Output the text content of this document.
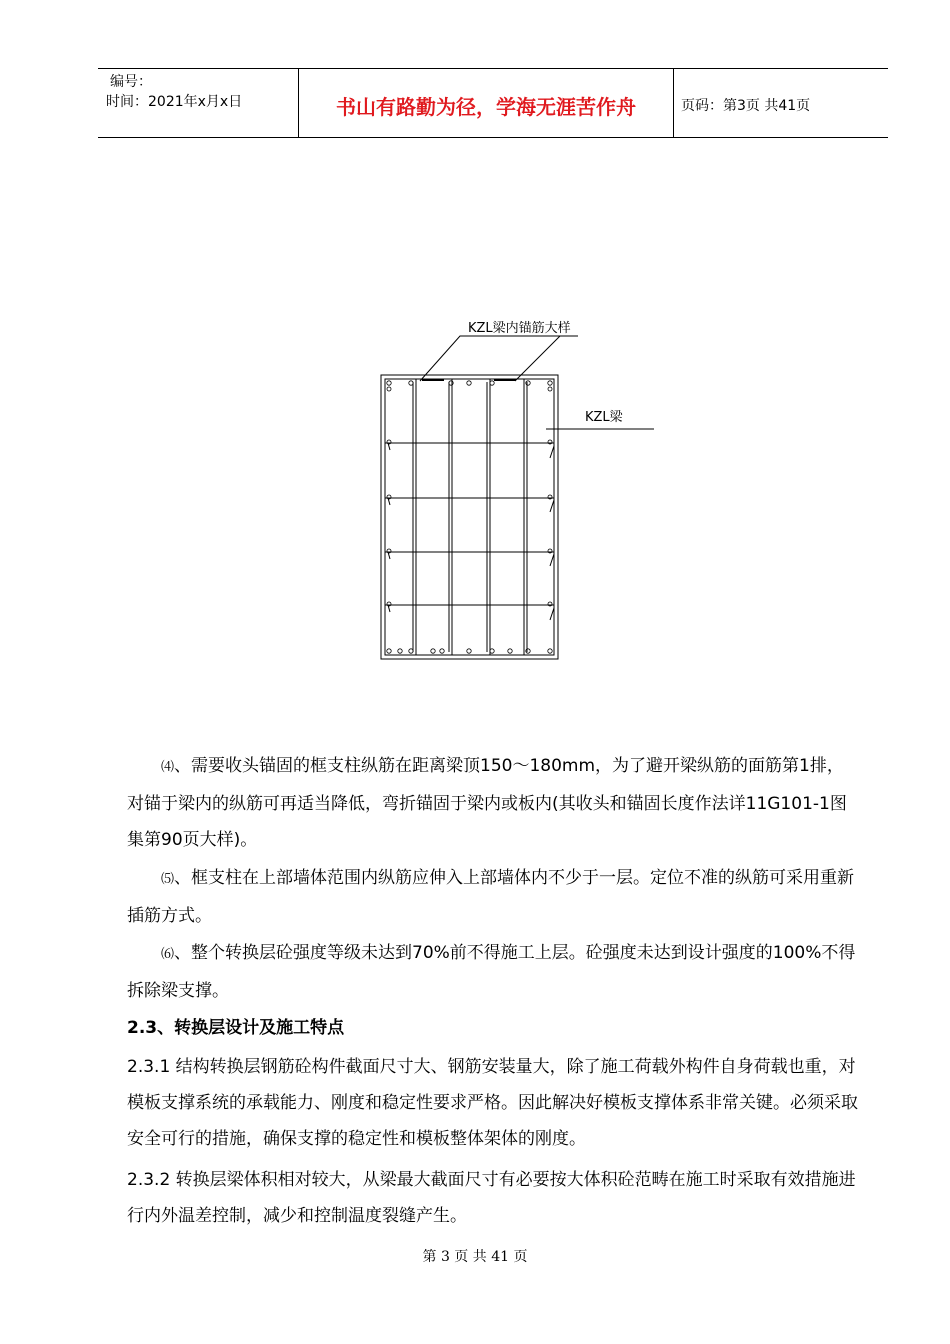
编号：
时间：2021年x月x日	书山有路勤为径，学海无涯苦作舟	页码：第3页 共41页
KZL梁内锚筋大样
KZL梁
⑷、需要收头锚固的框支柱纵筋在距离梁顶150～180mm，为了避开梁纵筋的面筋第1排，对锚于梁内的纵筋可再适当降低，弯折锚固于梁内或板内(其收头和锚固长度作法详11G101-1图集第90页大样)。
⑸、框支柱在上部墙体范围内纵筋应伸入上部墙体内不少于一层。定位不准的纵筋可采用重新插筋方式。
⑹、整个转换层砼强度等级未达到70%前不得施工上层。砼强度未达到设计强度的100%不得拆除梁支撑。
2.3、转换层设计及施工特点
2.3.1 结构转换层钢筋砼构件截面尺寸大、钢筋安装量大，除了施工荷载外构件自身荷载也重，对模板支撑系统的承载能力、刚度和稳定性要求严格。因此解决好模板支撑体系非常关键。必须采取安全可行的措施，确保支撑的稳定性和模板整体架体的刚度。
2.3.2 转换层梁体积相对较大，从梁最大截面尺寸有必要按大体积砼范畴在施工时采取有效措施进行内外温差控制，减少和控制温度裂缝产生。
第 3 页 共 41 页
